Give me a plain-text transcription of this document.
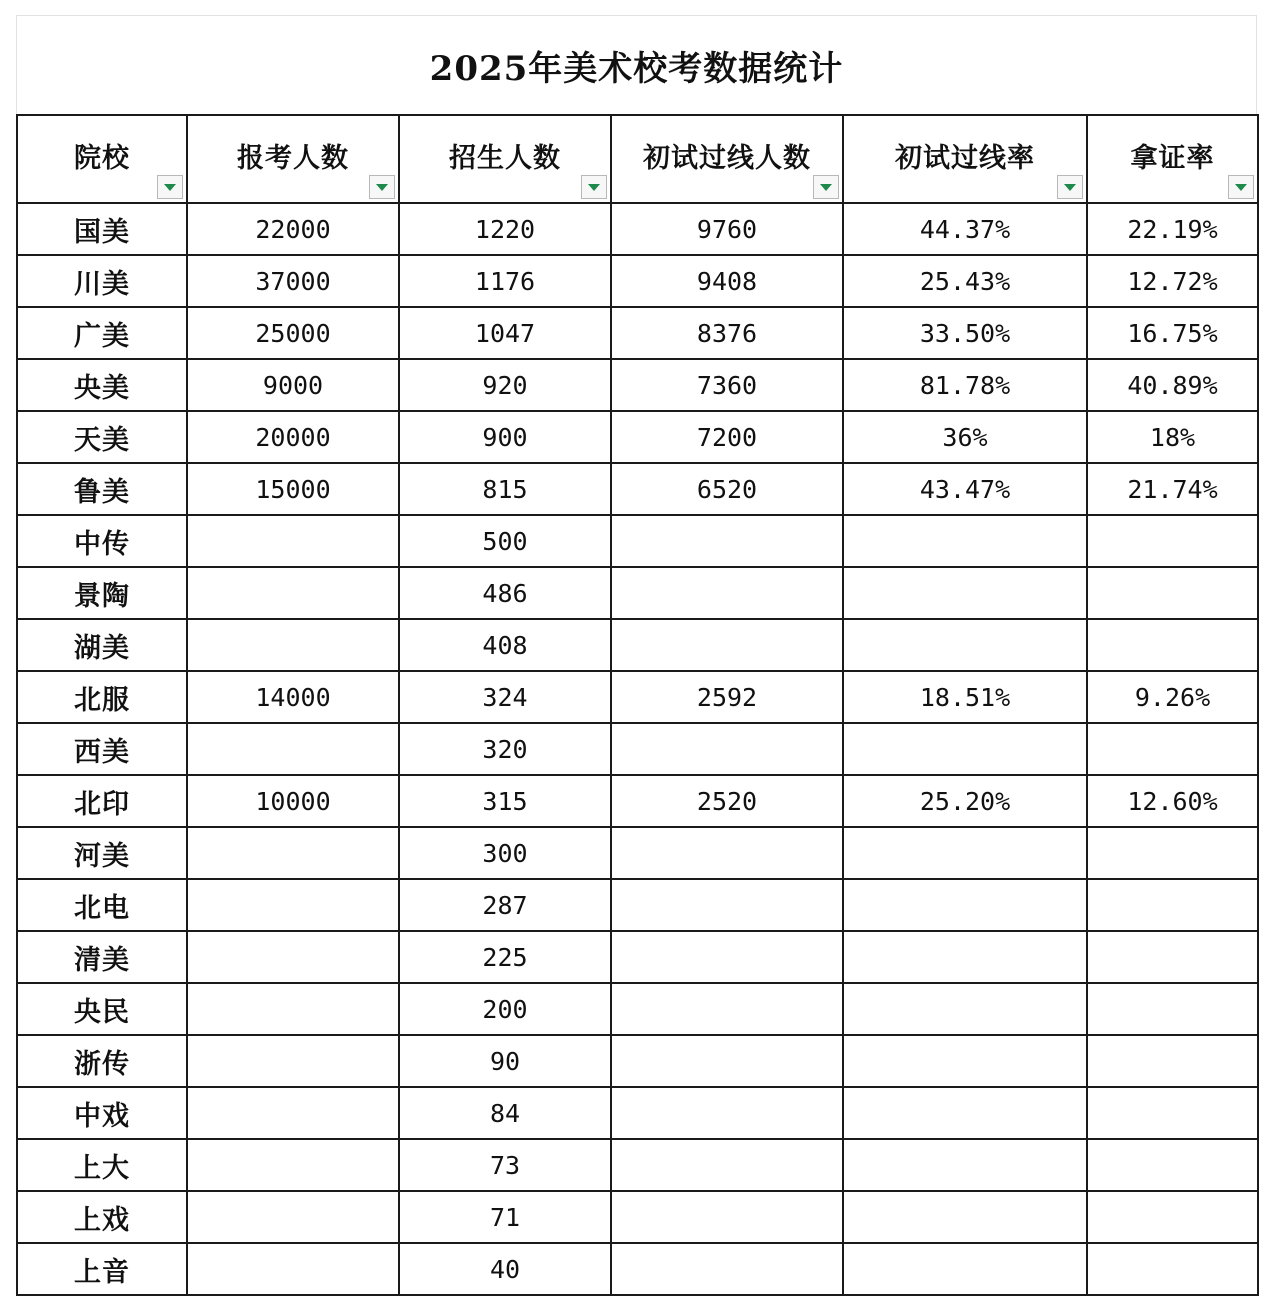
2025年美术校考数据统计
院校	报考人数	招生人数	初试过线人数	初试过线率	拿证率

国美	22000	1220	9760	44.37%	22.19%
川美	37000	1176	9408	25.43%	12.72%
广美	25000	1047	8376	33.50%	16.75%
央美	9000	920	7360	81.78%	40.89%
天美	20000	900	7200	36%	18%
鲁美	15000	815	6520	43.47%	21.74%
中传		500			
景陶		486			
湖美		408			
北服	14000	324	2592	18.51%	9.26%
西美		320			
北印	10000	315	2520	25.20%	12.60%
河美		300			
北电		287			
清美		225			
央民		200			
浙传		90			
中戏		84			
上大		73			
上戏		71			
上音		40			
